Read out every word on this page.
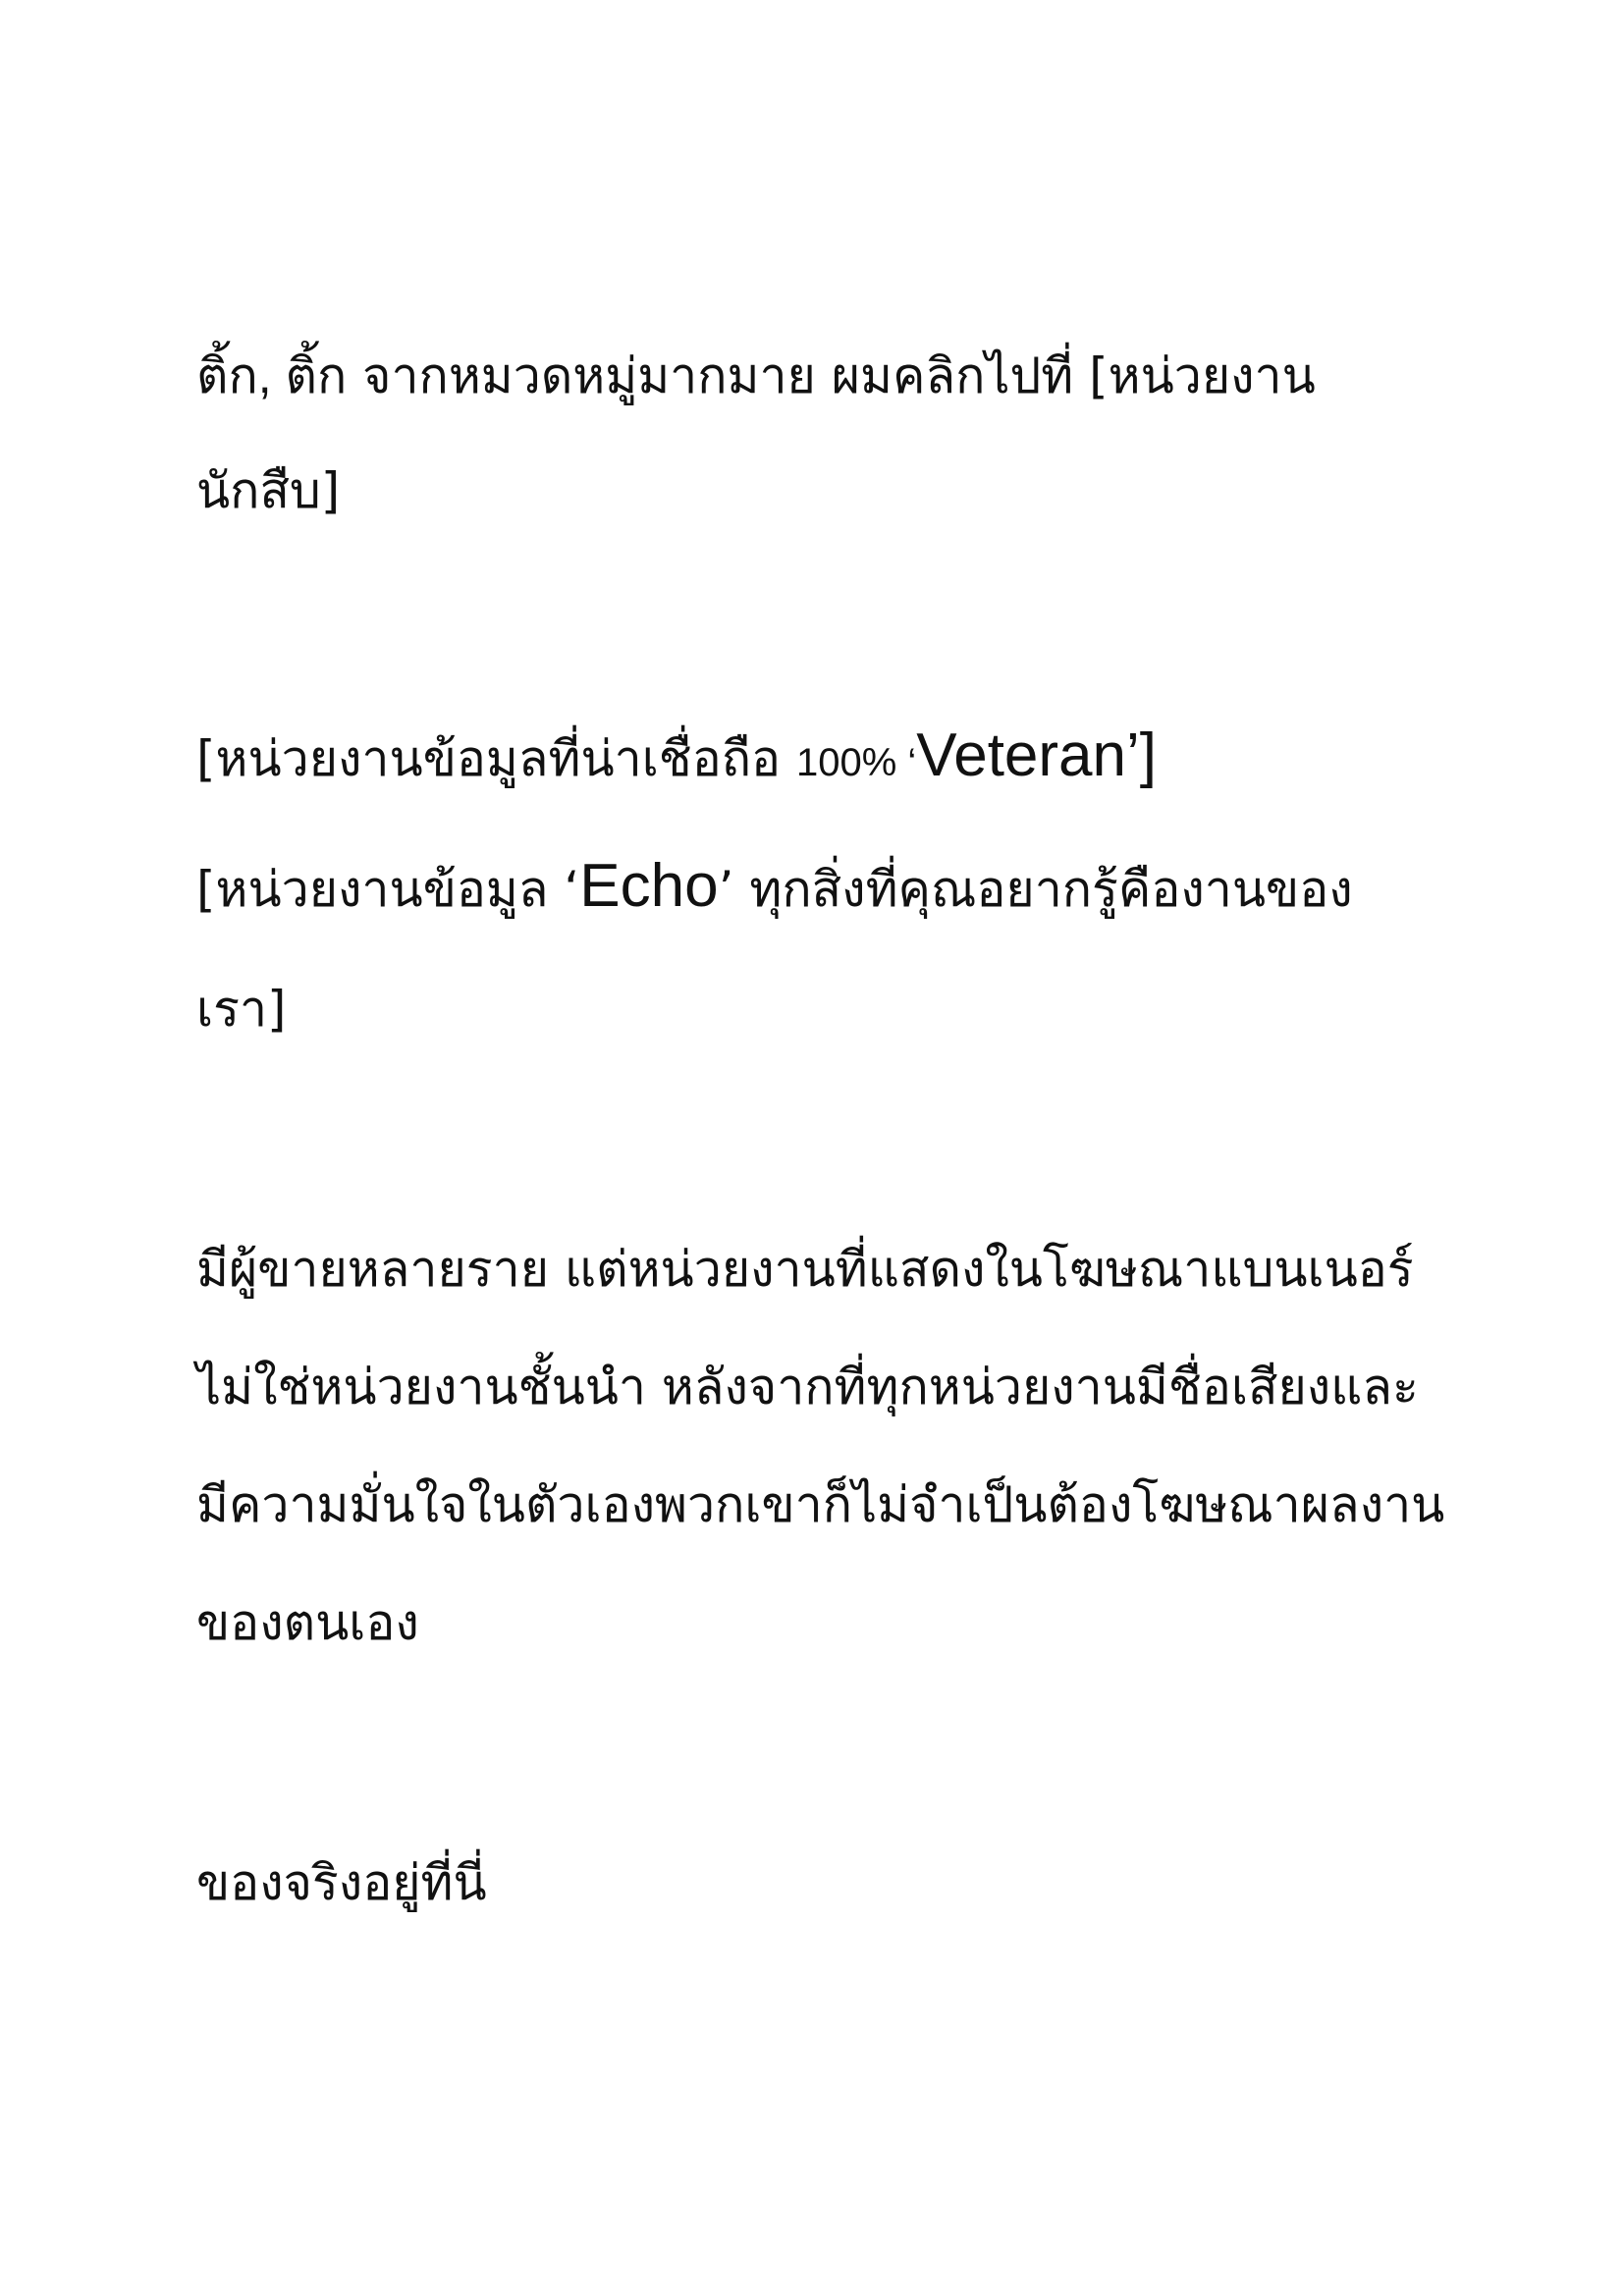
ติ้ก, ติ้ก จากหมวดหมู่มากมาย ผมคลิกไปที่ [หน่วยงาน
นักสืบ]
[หน่วยงานข้อมูลที่น่าเชื่อถือ 100% ‘Veteran’]
[หน่วยงานข้อมูล ‘Echo’ ทุกสิ่งที่คุณอยากรู้คืองานของ
เรา]
มีผู้ขายหลายราย แต่หน่วยงานที่แสดงในโฆษณาแบนเนอร์
ไม่ใช่หน่วยงานชั้นนำ หลังจากที่ทุกหน่วยงานมีชื่อเสียงและ
มีความมั่นใจในตัวเองพวกเขาก็ไม่จำเป็นต้องโฆษณาผลงาน
ของตนเอง
ของจริงอยู่ที่นี่
